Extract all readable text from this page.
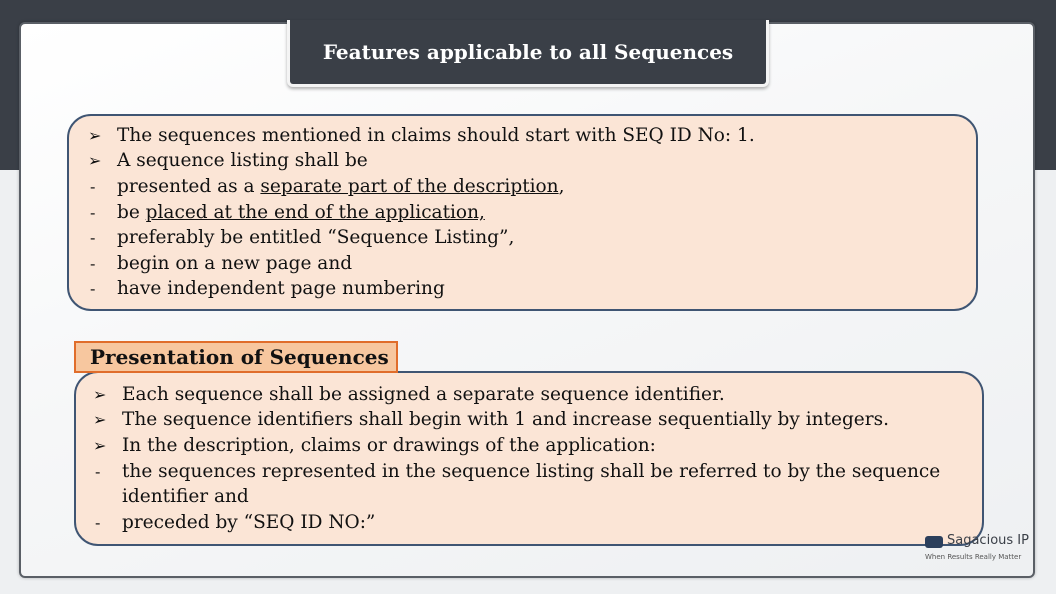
Features applicable to all Sequences
➢ The sequences mentioned in claims should start with SEQ ID No: 1.
➢ A sequence listing shall be
- presented as a separate part of the description,
- be placed at the end of the application,
- preferably be entitled “Sequence Listing”,
- begin on a new page and
- have independent page numbering
Presentation of Sequences
➢ Each sequence shall be assigned a separate sequence identifier.
➢ The sequence identifiers shall begin with 1 and increase sequentially by integers.
➢ In the description, claims or drawings of the application:
- the sequences represented in the sequence listing shall be referred to by the sequence
identifier and
- preceded by “SEQ ID NO:”
Sagacious IP
When Results Really Matter
